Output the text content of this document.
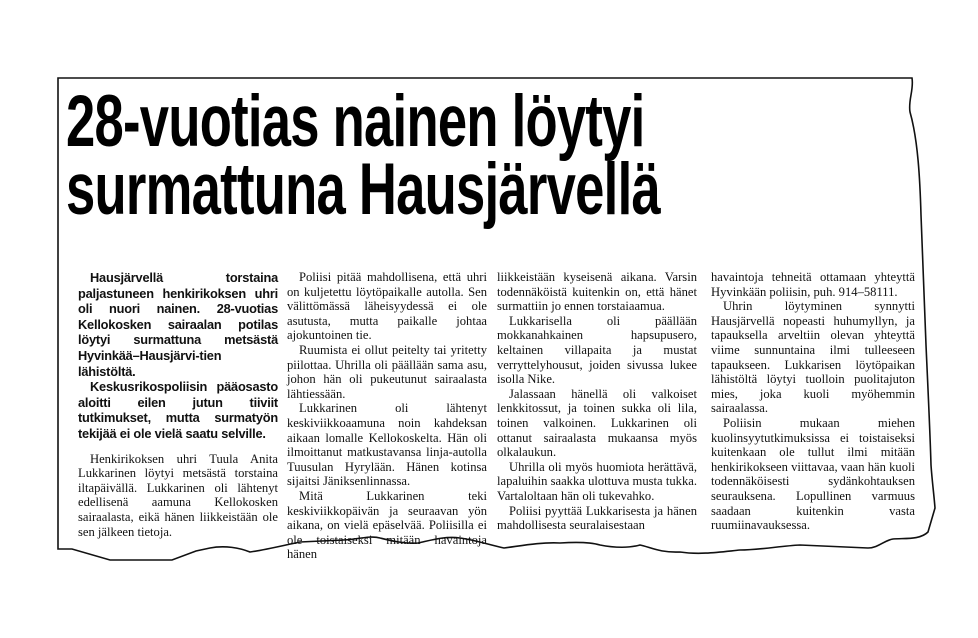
28-vuotias nainen löytyi
surmattuna Hausjärvellä

Hausjärvellä torstaina paljastuneen henkirikoksen uhri oli nuori nainen. 28-vuotias Kellokosken sairaalan potilas löytyi surmattuna metsästä Hyvinkää–Hausjärvi-tien lähistöltä.

Keskusrikospoliisin pääosasto aloitti eilen jutun tiiviit tutkimukset, mutta surmatyön tekijää ei ole vielä saatu selville.

Henkirikoksen uhri Tuula Anita Lukkarinen löytyi metsästä torstaina iltapäivällä. Lukkarinen oli lähtenyt edellisenä aamuna Kellokosken sairaalasta, eikä hänen liikkeistään ole sen jälkeen tietoja.

Poliisi pitää mahdollisena, että uhri on kuljetettu löytöpaikalle autolla. Sen välittömässä läheisyydessä ei ole asutusta, mutta paikalle johtaa ajokuntoinen tie.

Ruumista ei ollut peitelty tai yritetty piilottaa. Uhrilla oli päällään sama asu, johon hän oli pukeutunut sairaalasta lähtiessään.

Lukkarinen oli lähtenyt keskiviikkoaamuna noin kahdeksan aikaan lomalle Kellokoskelta. Hän oli ilmoittanut matkustavansa linja-autolla Tuusulan Hyrylään. Hänen kotinsa sijaitsi Jäniksenlinnassa.

Mitä Lukkarinen teki keskiviikkopäivän ja seuraavan yön aikana, on vielä epäselvää. Poliisilla ei ole toistaiseksi mitään havaintoja hänen

liikkeistään kyseisenä aikana. Varsin todennäköistä kuitenkin on, että hänet surmattiin jo ennen torstaiaamua.

Lukkarisella oli päällään mokkanahkainen hapsupusero, keltainen villapaita ja mustat verryttelyhousut, joiden sivussa lukee isolla Nike.

Jalassaan hänellä oli valkoiset lenkkitossut, ja toinen sukka oli lila, toinen valkoinen. Lukkarinen oli ottanut sairaalasta mukaansa myös olkalaukun.

Uhrilla oli myös huomiota herättävä, lapaluihin saakka ulottuva musta tukka. Vartaloltaan hän oli tukevahko.

Poliisi pyyttää Lukkarisesta ja hänen mahdollisesta seuralaisestaan

havaintoja tehneitä ottamaan yhteyttä Hyvinkään poliisin, puh. 914–58111.

Uhrin löytyminen synnytti Hausjärvellä nopeasti huhumyllyn, ja tapauksella arveltiin olevan yhteyttä viime sunnuntaina ilmi tulleeseen tapaukseen. Lukkarisen löytöpaikan lähistöltä löytyi tuolloin puolitajuton mies, joka kuoli myöhemmin sairaalassa.

Poliisin mukaan miehen kuolinsyytutkimuksissa ei toistaiseksi kuitenkaan ole tullut ilmi mitään henkirikokseen viittavaa, vaan hän kuoli todennäköisesti sydänkohtauksen seurauksena. Lopullinen varmuus saadaan kuitenkin vasta ruumiinavauksessa.
